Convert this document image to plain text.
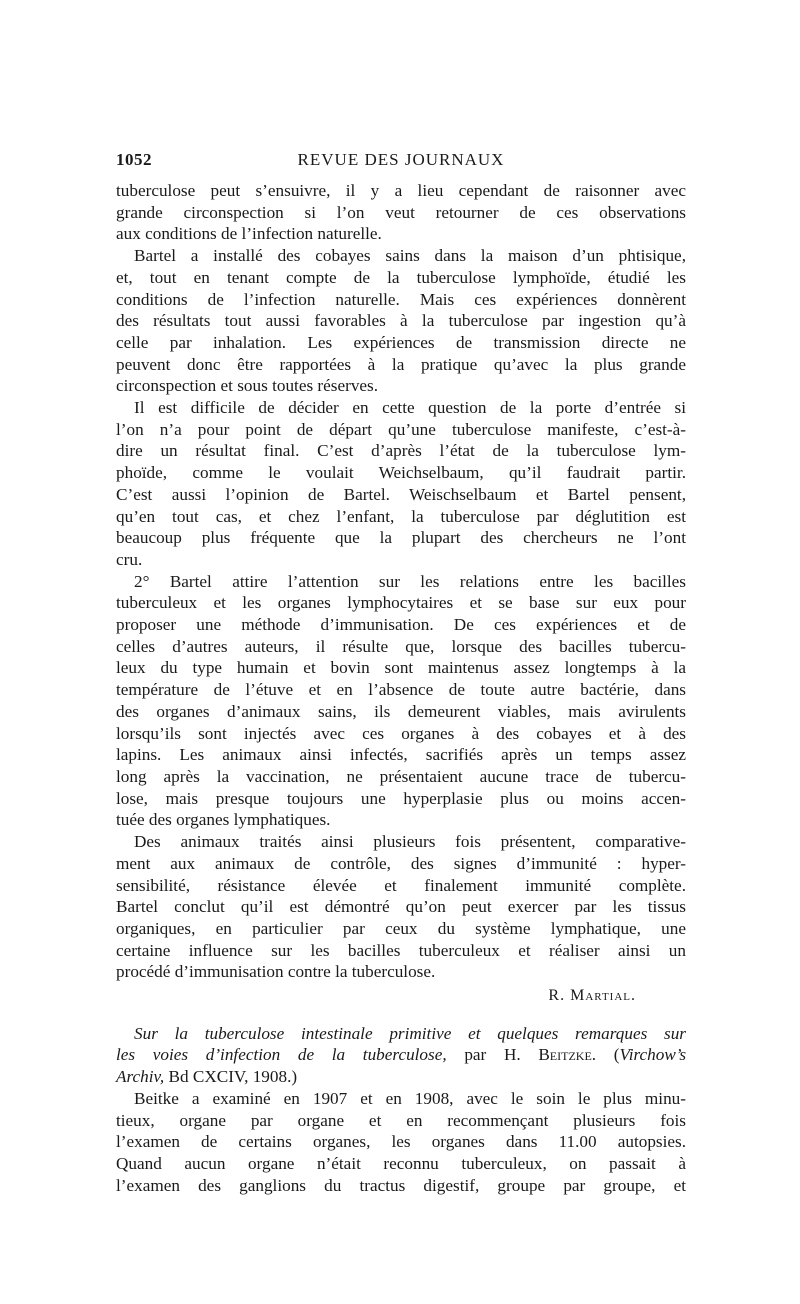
1052	REVUE DES JOURNAUX
tuberculose peut s’ensuivre, il y a lieu cependant de raisonner avec
grande circonspection si l’on veut retourner de ces observations
aux conditions de l’infection naturelle.
Bartel a installé des cobayes sains dans la maison d’un phtisique,
et, tout en tenant compte de la tuberculose lymphoïde, étudié les
conditions de l’infection naturelle. Mais ces expériences donnèrent
des résultats tout aussi favorables à la tuberculose par ingestion qu’à
celle par inhalation. Les expériences de transmission directe ne
peuvent donc être rapportées à la pratique qu’avec la plus grande
circonspection et sous toutes réserves.
Il est difficile de décider en cette question de la porte d’entrée si
l’on n’a pour point de départ qu’une tuberculose manifeste, c’est-à-
dire un résultat final. C’est d’après l’état de la tuberculose lym-
phoïde, comme le voulait Weichselbaum, qu’il faudrait partir.
C’est aussi l’opinion de Bartel. Weischselbaum et Bartel pensent,
qu’en tout cas, et chez l’enfant, la tuberculose par déglutition est
beaucoup plus fréquente que la plupart des chercheurs ne l’ont
cru.
2° Bartel attire l’attention sur les relations entre les bacilles
tuberculeux et les organes lymphocytaires et se base sur eux pour
proposer une méthode d’immunisation. De ces expériences et de
celles d’autres auteurs, il résulte que, lorsque des bacilles tubercu-
leux du type humain et bovin sont maintenus assez longtemps à la
température de l’étuve et en l’absence de toute autre bactérie, dans
des organes d’animaux sains, ils demeurent viables, mais avirulents
lorsqu’ils sont injectés avec ces organes à des cobayes et à des
lapins. Les animaux ainsi infectés, sacrifiés après un temps assez
long après la vaccination, ne présentaient aucune trace de tubercu-
lose, mais presque toujours une hyperplasie plus ou moins accen-
tuée des organes lymphatiques.
Des animaux traités ainsi plusieurs fois présentent, comparative-
ment aux animaux de contrôle, des signes d’immunité : hyper-
sensibilité, résistance élevée et finalement immunité complète.
Bartel conclut qu’il est démontré qu’on peut exercer par les tissus
organiques, en particulier par ceux du système lymphatique, une
certaine influence sur les bacilles tuberculeux et réaliser ainsi un
procédé d’immunisation contre la tuberculose.
R. Martial.
Sur la tuberculose intestinale primitive et quelques remarques sur
les voies d’infection de la tuberculose, par H. Beitzke. (Virchow’s
Archiv, Bd CXCIV, 1908.)
Beitke a examiné en 1907 et en 1908, avec le soin le plus minu-
tieux, organe par organe et en recommençant plusieurs fois
l’examen de certains organes, les organes dans 11.00 autopsies.
Quand aucun organe n’était reconnu tuberculeux, on passait à
l’examen des ganglions du tractus digestif, groupe par groupe, et
